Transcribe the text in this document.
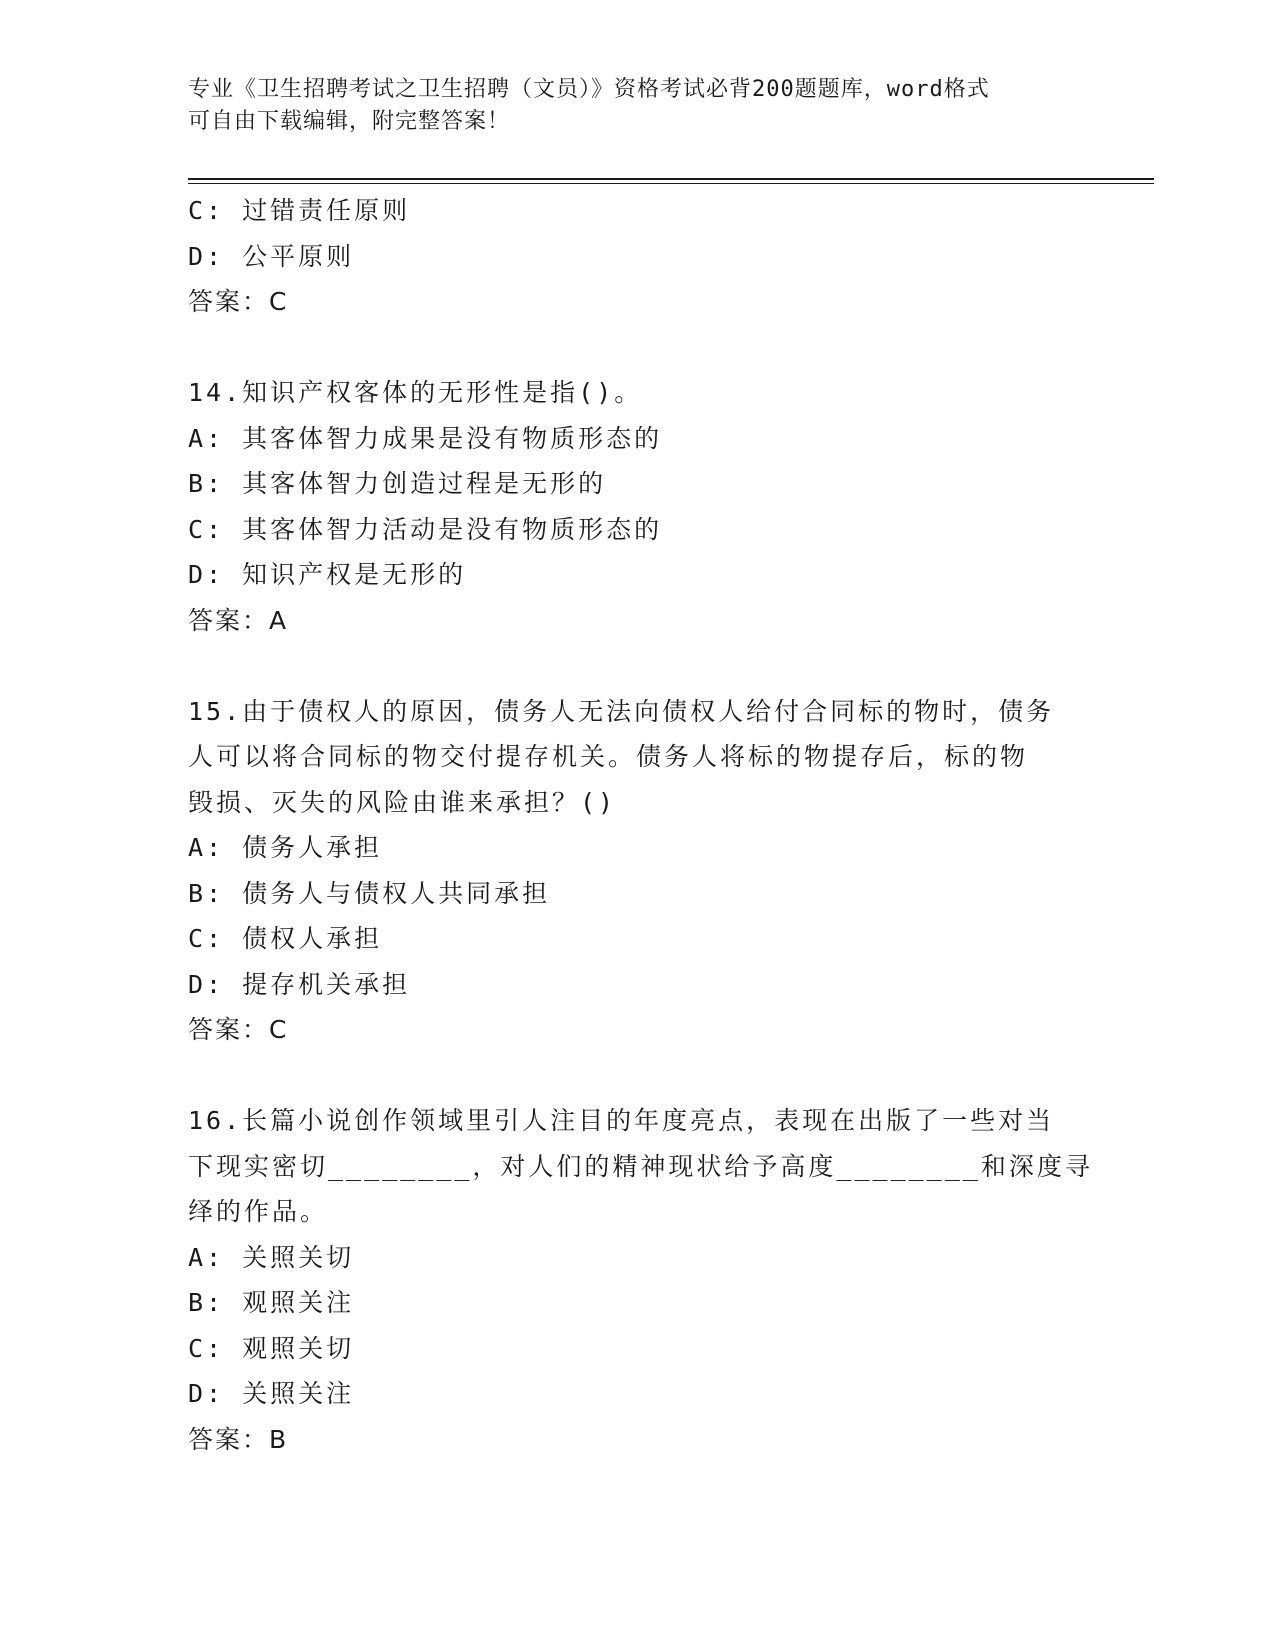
专业《卫生招聘考试之卫生招聘（文员）》资格考试必背200题题库，word格式
可自由下载编辑，附完整答案！
C: 过错责任原则
D: 公平原则
答案：C
14.知识产权客体的无形性是指()。
A: 其客体智力成果是没有物质形态的
B: 其客体智力创造过程是无形的
C: 其客体智力活动是没有物质形态的
D: 知识产权是无形的
答案：A
15.由于债权人的原因，债务人无法向债权人给付合同标的物时，债务
人可以将合同标的物交付提存机关。债务人将标的物提存后，标的物
毁损、灭失的风险由谁来承担？()
A: 债务人承担
B: 债务人与债权人共同承担
C: 债权人承担
D: 提存机关承担
答案：C
16.长篇小说创作领域里引人注目的年度亮点，表现在出版了一些对当
下现实密切________，对人们的精神现状给予高度________和深度寻
绎的作品。
A: 关照关切
B: 观照关注
C: 观照关切
D: 关照关注
答案：B
